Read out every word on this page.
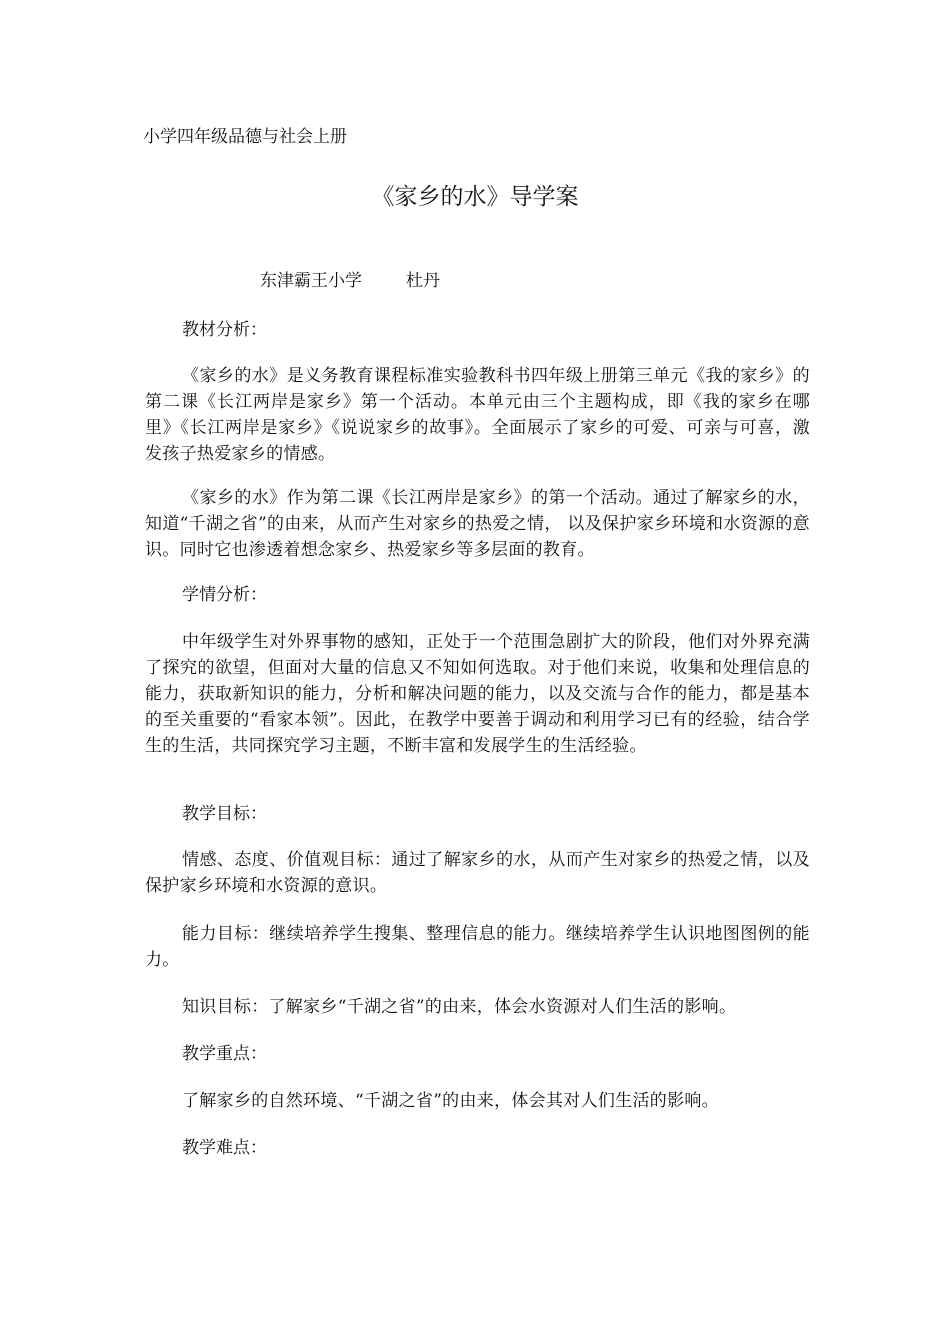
小学四年级品德与社会上册
《家乡的水》导学案
东津霸王小学	杜丹
教材分析：
《家乡的水》是义务教育课程标准实验教科书四年级上册第三单元《我的家乡》的第二课《长江两岸是家乡》第一个活动。本单元由三个主题构成，即《我的家乡在哪里》《长江两岸是家乡》《说说家乡的故事》。全面展示了家乡的可爱、可亲与可喜，激发孩子热爱家乡的情感。
《家乡的水》作为第二课《长江两岸是家乡》的第一个活动。通过了解家乡的水，知道“千湖之省”的由来，从而产生对家乡的热爱之情， 以及保护家乡环境和水资源的意识。同时它也渗透着想念家乡、热爱家乡等多层面的教育。
学情分析：
中年级学生对外界事物的感知，正处于一个范围急剧扩大的阶段，他们对外界充满了探究的欲望，但面对大量的信息又不知如何选取。对于他们来说，收集和处理信息的能力，获取新知识的能力，分析和解决问题的能力，以及交流与合作的能力，都是基本的至关重要的“看家本领”。因此，在教学中要善于调动和利用学习已有的经验，结合学生的生活，共同探究学习主题，不断丰富和发展学生的生活经验。
教学目标：
情感、态度、价值观目标：通过了解家乡的水，从而产生对家乡的热爱之情，以及保护家乡环境和水资源的意识。
能力目标：继续培养学生搜集、整理信息的能力。继续培养学生认识地图图例的能力。
知识目标：了解家乡“千湖之省”的由来，体会水资源对人们生活的影响。
教学重点：
了解家乡的自然环境、“千湖之省”的由来，体会其对人们生活的影响。
教学难点：
